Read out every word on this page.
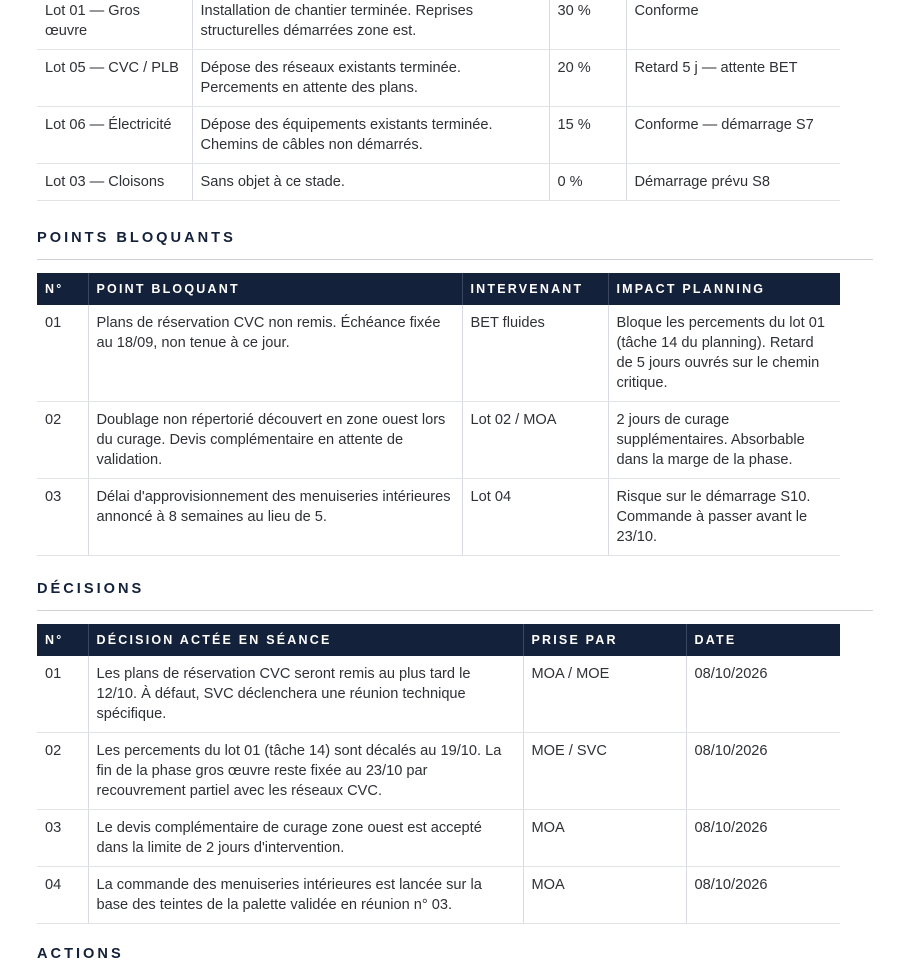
Lot 01 — Gros œuvre	Installation de chantier terminée. Reprises structurelles démarrées zone est.	30 %	Conforme
Lot 05 — CVC / PLB	Dépose des réseaux existants terminée. Percements en attente des plans.	20 %	Retard 5 j — attente BET
Lot 06 — Électricité	Dépose des équipements existants terminée. Chemins de câbles non démarrés.	15 %	Conforme — démarrage S7
Lot 03 — Cloisons	Sans objet à ce stade.	0 %	Démarrage prévu S8
POINTS BLOQUANTS
N°	POINT BLOQUANT	INTERVENANT	IMPACT PLANNING
01	Plans de réservation CVC non remis. Échéance fixée au 18/09, non tenue à ce jour.	BET fluides	Bloque les percements du lot 01 (tâche 14 du planning). Retard de 5 jours ouvrés sur le chemin critique.
02	Doublage non répertorié découvert en zone ouest lors du curage. Devis complémentaire en attente de validation.	Lot 02 / MOA	2 jours de curage supplémentaires. Absorbable dans la marge de la phase.
03	Délai d'approvisionnement des menuiseries intérieures annoncé à 8 semaines au lieu de 5.	Lot 04	Risque sur le démarrage S10. Commande à passer avant le 23/10.
DÉCISIONS
N°	DÉCISION ACTÉE EN SÉANCE	PRISE PAR	DATE
01	Les plans de réservation CVC seront remis au plus tard le 12/10. À défaut, SVC déclenchera une réunion technique spécifique.	MOA / MOE	08/10/2026
02	Les percements du lot 01 (tâche 14) sont décalés au 19/10. La fin de la phase gros œuvre reste fixée au 23/10 par recouvrement partiel avec les réseaux CVC.	MOE / SVC	08/10/2026
03	Le devis complémentaire de curage zone ouest est accepté dans la limite de 2 jours d'intervention.	MOA	08/10/2026
04	La commande des menuiseries intérieures est lancée sur la base des teintes de la palette validée en réunion n° 03.	MOA	08/10/2026
ACTIONS
